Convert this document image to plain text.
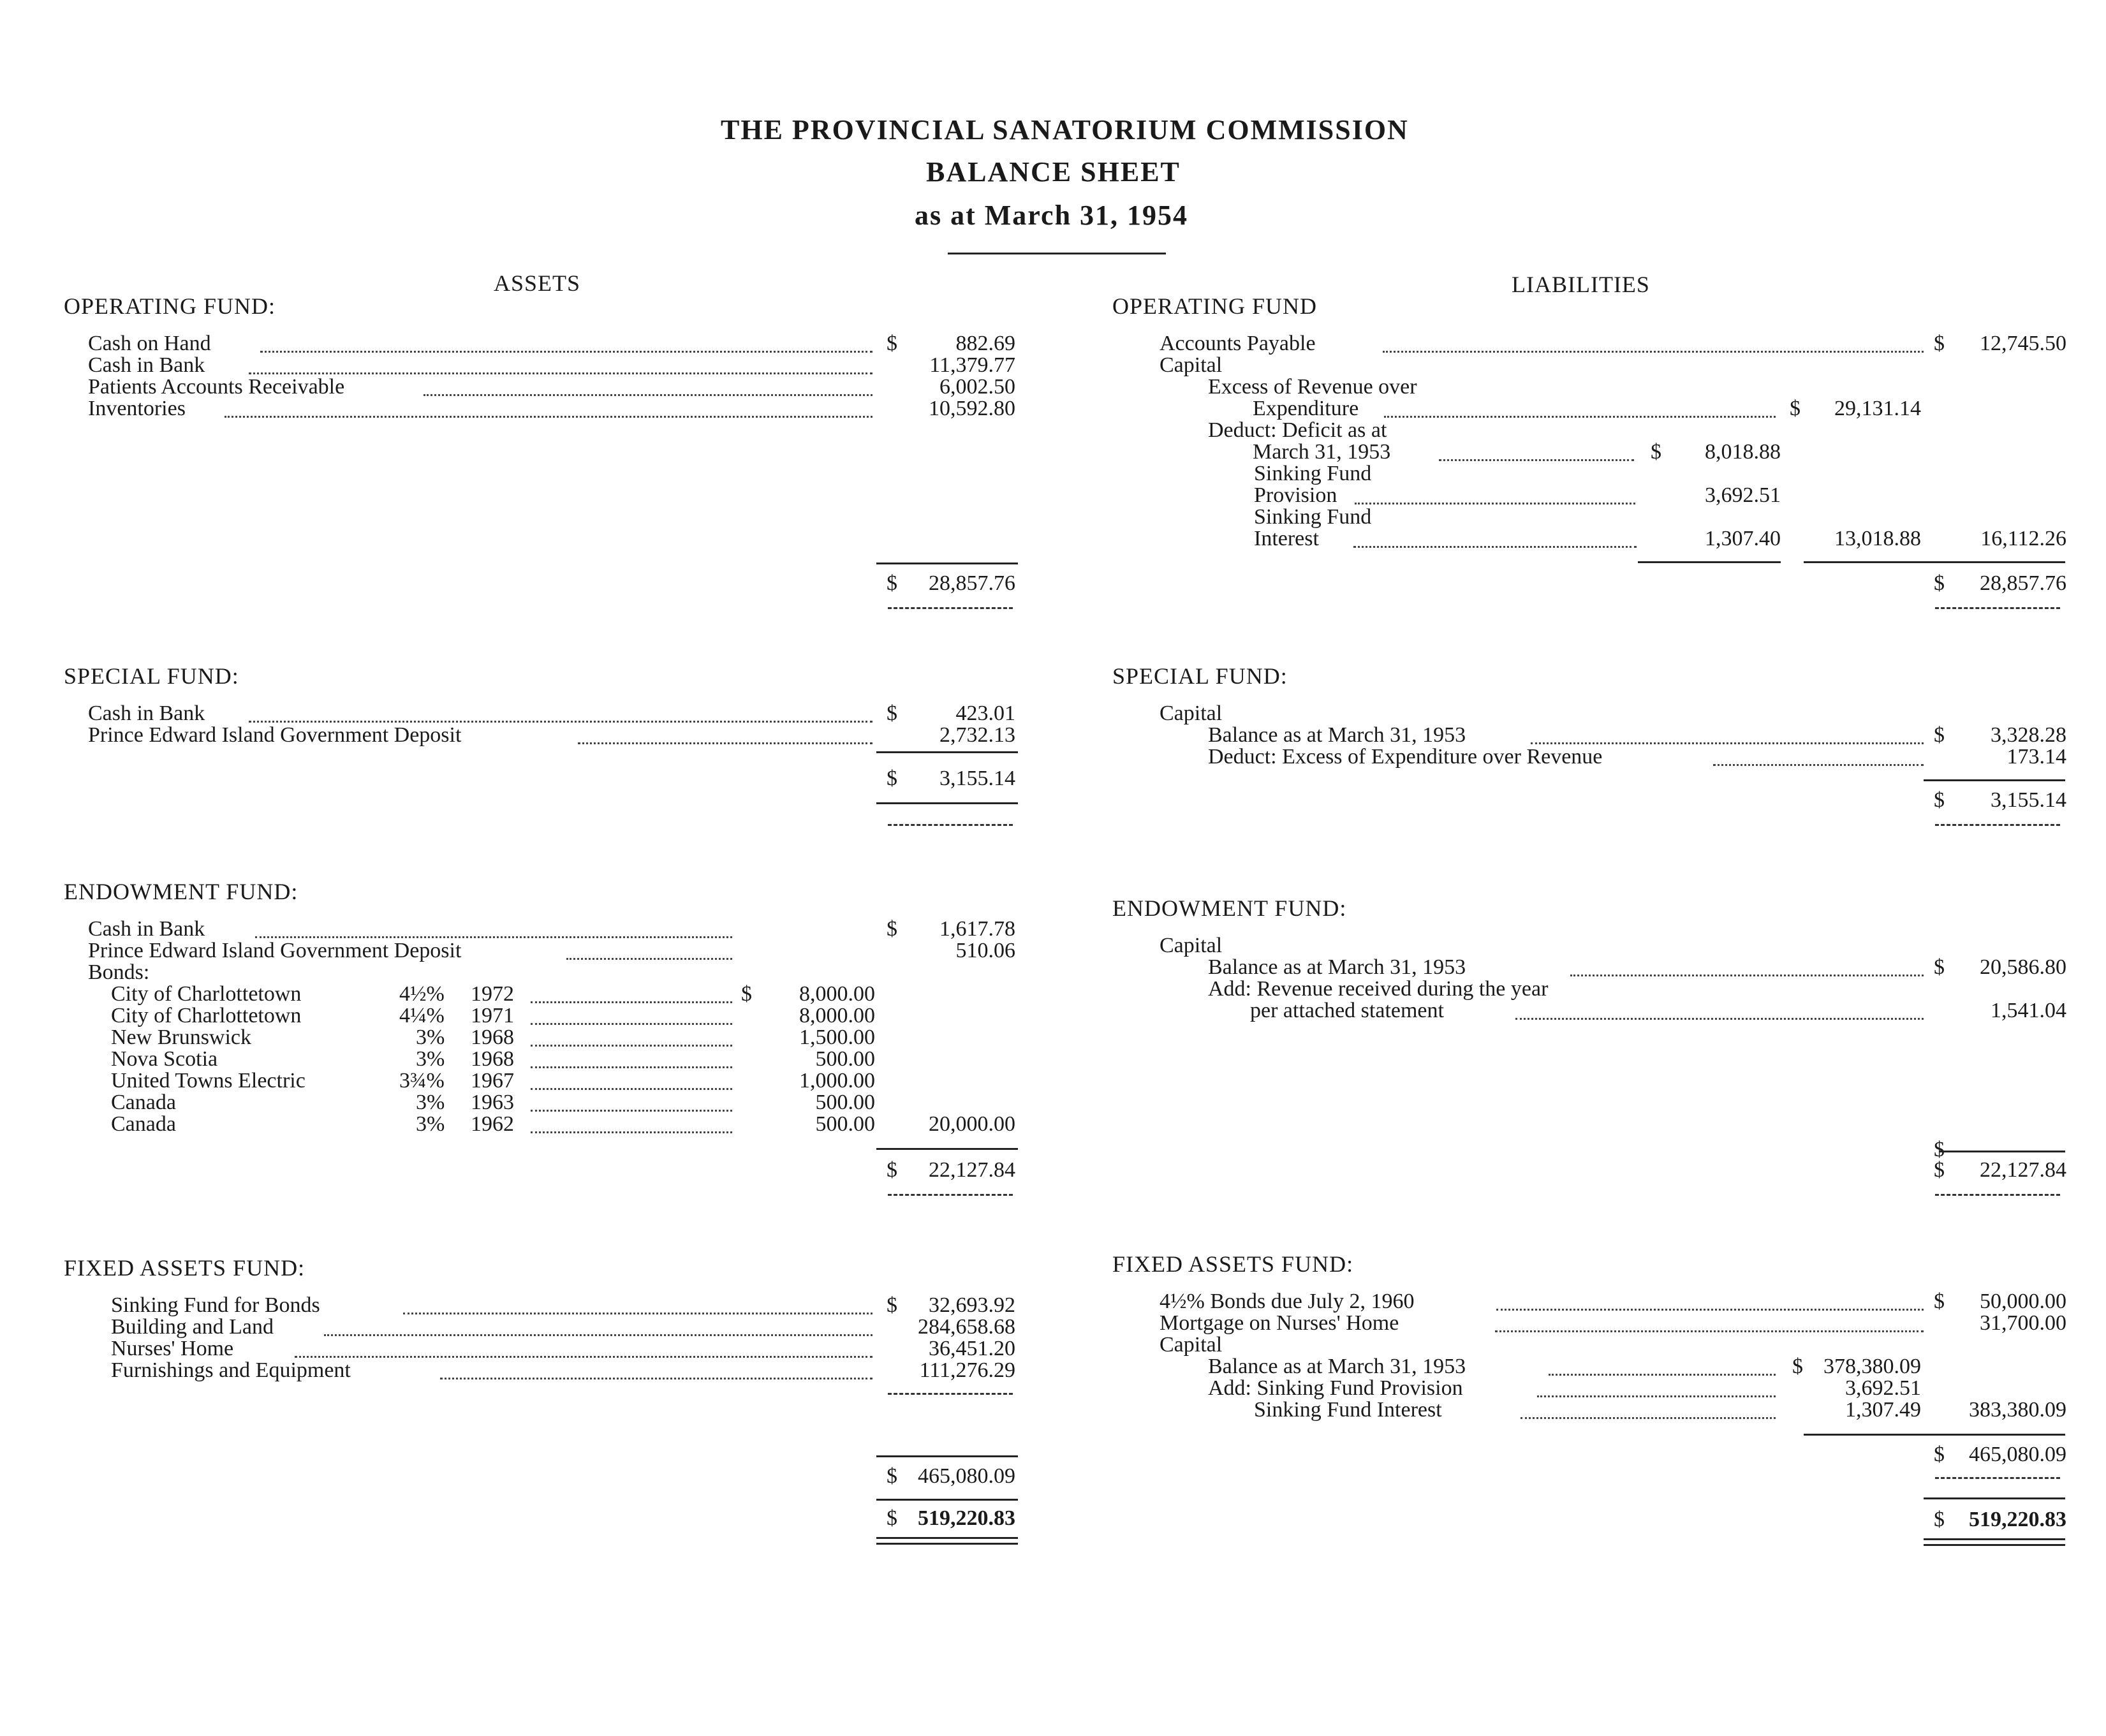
THE PROVINCIAL SANATORIUM COMMISSION
BALANCE SHEET
as at March 31, 1954
ASSETS	LIABILITIES
OPERATING FUND:
Cash on Hand	$	882.69
Cash in Bank	11,379.77
Patients Accounts Receivable	6,002.50
Inventories	10,592.80
$	28,857.76
SPECIAL FUND:
Cash in Bank	$	423.01
Prince Edward Island Government Deposit	2,732.13
$	3,155.14
ENDOWMENT FUND:
Cash in Bank	$	1,617.78
Prince Edward Island Government Deposit	510.06
Bonds:
City of Charlottetown	4½% 1972	$	8,000.00
City of Charlottetown	4¼% 1971	8,000.00
New Brunswick	3% 1968	1,500.00
Nova Scotia	3% 1968	500.00
United Towns Electric	3¾% 1967	1,000.00
Canada	3% 1963	500.00
Canada	3% 1962	500.00	20,000.00
$	22,127.84
FIXED ASSETS FUND:
Sinking Fund for Bonds	$	32,693.92
Building and Land	284,658.68
Nurses' Home	36,451.20
Furnishings and Equipment	111,276.29
$ 465,080.09
$ 519,220.83
OPERATING FUND
Accounts Payable	$	12,745.50
Capital
Excess of Revenue over
Expenditure	$	29,131.14
Deduct: Deficit as at
March 31, 1953	$	8,018.88
Sinking Fund
Provision	3,692.51
Sinking Fund
Interest	1,307.40	13,018.88	16,112.26
$	28,857.76
SPECIAL FUND:
Capital
Balance as at March 31, 1953	$	3,328.28
Deduct: Excess of Expenditure over Revenue	173.14
$	3,155.14
ENDOWMENT FUND:
Capital
Balance as at March 31, 1953	$	20,586.80
Add: Revenue received during the year
per attached statement	1,541.04
$
$	22,127.84
FIXED ASSETS FUND:
4½% Bonds due July 2, 1960	$	50,000.00
Mortgage on Nurses' Home	31,700.00
Capital
Balance as at March 31, 1953	$ 378,380.09
Add: Sinking Fund Provision	3,692.51
Sinking Fund Interest	1,307.49	383,380.09
$	465,080.09
$	519,220.83
